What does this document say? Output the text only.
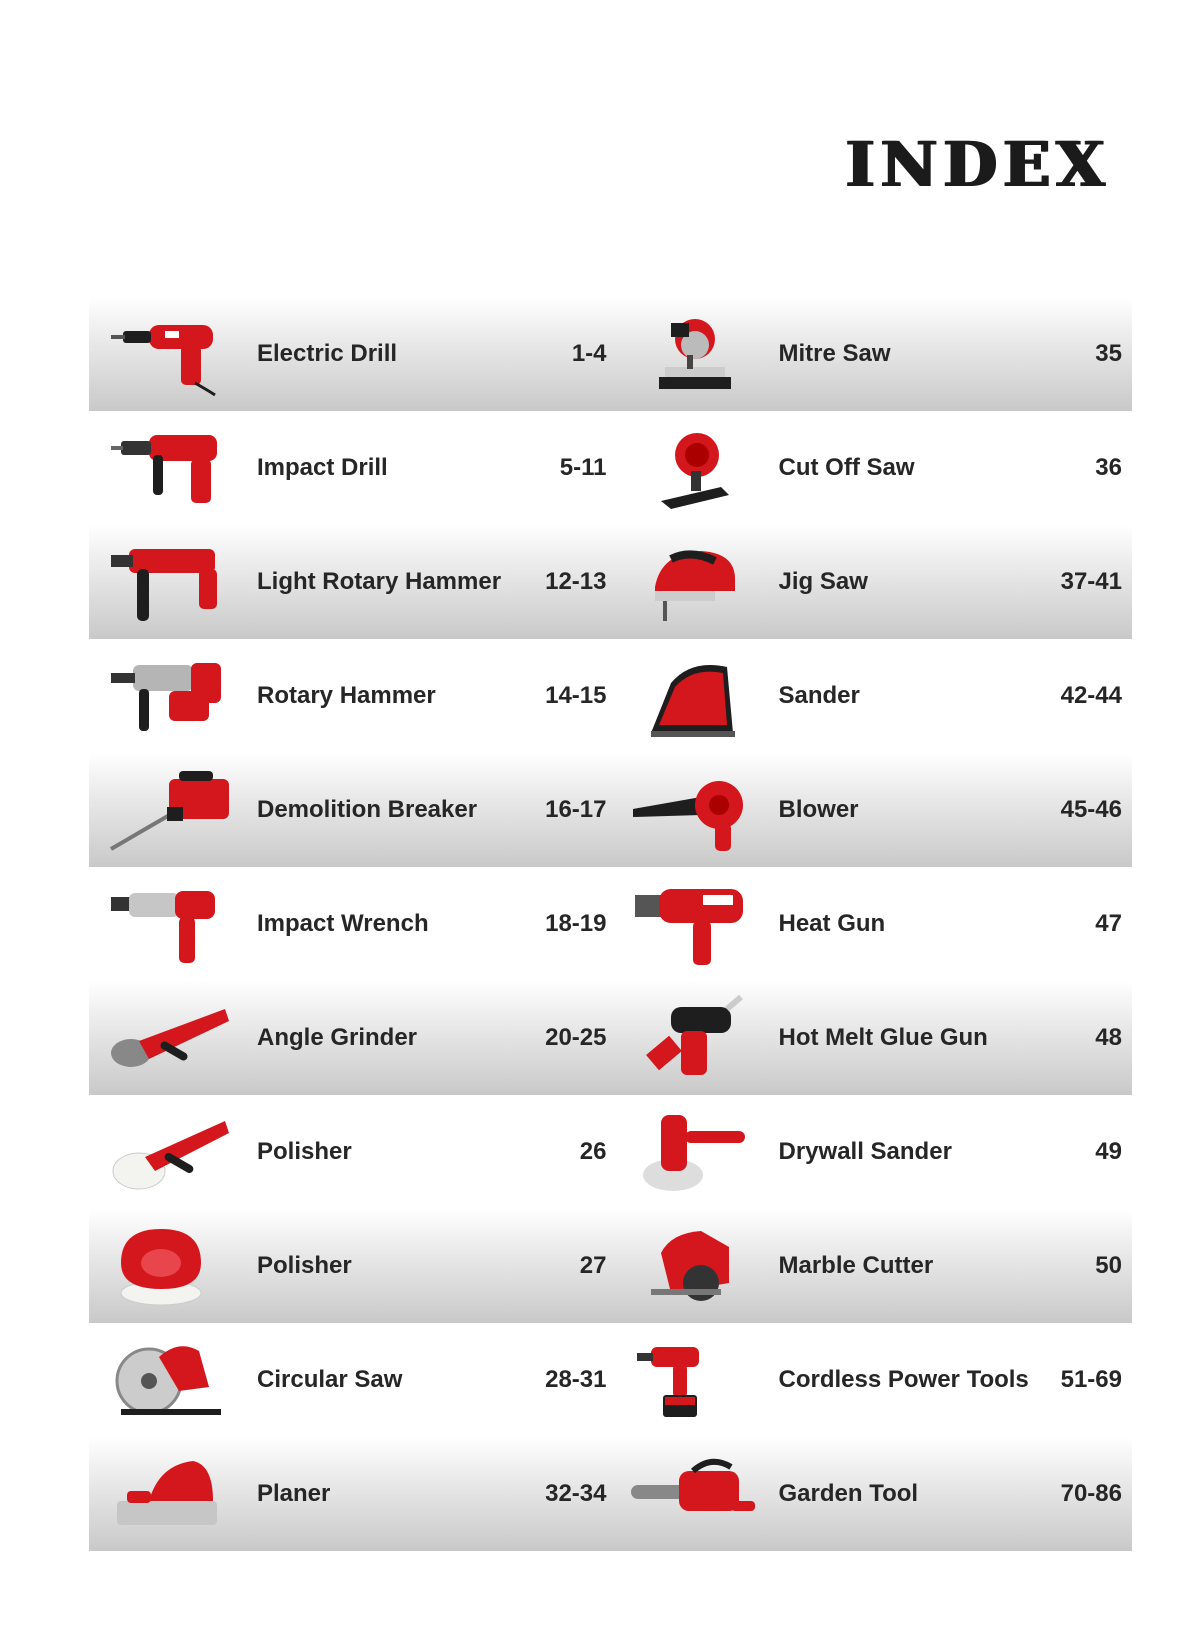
INDEX
Electric Drill	1-4	Mitre Saw	35
Impact Drill	5-11	Cut Off Saw	36
Light Rotary Hammer 12-13	Jig Saw	37-41
Rotary Hammer	14-15	Sander	42-44
Demolition Breaker	16-17	Blower	45-46
Impact Wrench	18-19	Heat Gun	47
Angle Grinder	20-25	Hot Melt Glue Gun	48
Polisher	26	Drywall Sander	49
Polisher	27	Marble Cutter	50
Circular Saw	28-31	Cordless Power Tools 51-69
Planer	32-34	Garden Tool	70-86
